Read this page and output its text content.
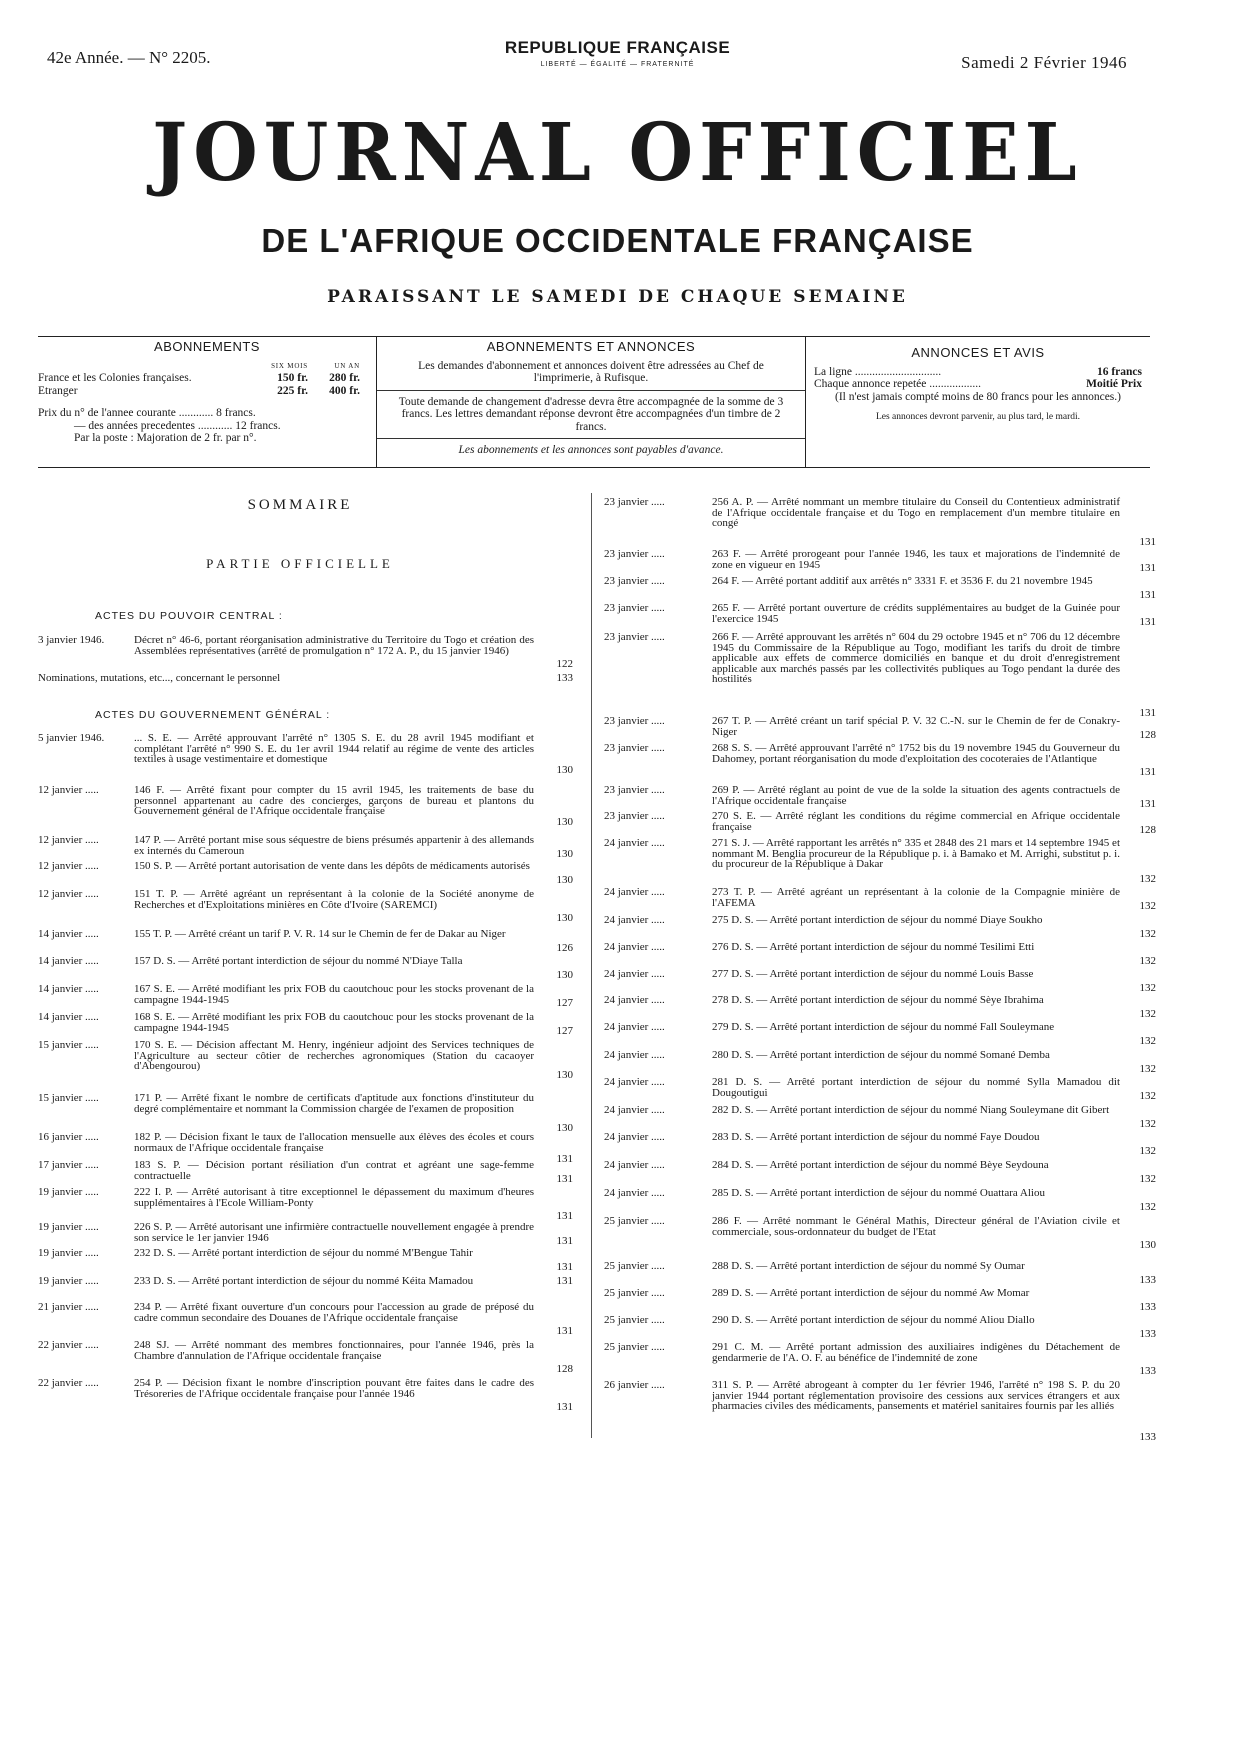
42e Année. — N° 2205.
REPUBLIQUE FRANÇAISE
LIBERTÉ — ÉGALITÉ — FRATERNITÉ	Samedi 2 Février 1946
JOURNAL OFFICIEL
DE L'AFRIQUE OCCIDENTALE FRANÇAISE
PARAISSANT LE SAMEDI DE CHAQUE SEMAINE
ABONNEMENTS
SIX MOIS	UN AN
France et les Colonies françaises.	150 fr.	280 fr.
Etranger	225 fr.	400 fr.
Prix du n° de l'annee courante ............ 8 francs.
— des années precedentes ............ 12 francs.
Par la poste : Majoration de 2 fr. par n°.
ABONNEMENTS ET ANNONCES
Les demandes d'abonnement et annonces doivent être adressées au Chef de l'imprimerie, à Rufisque.
Toute demande de changement d'adresse devra être accompagnée de la somme de 3 francs. Les lettres demandant réponse devront être accompagnées d'un timbre de 2 francs.
Les abonnements et les annonces sont payables d'avance.
ANNONCES ET AVIS
La ligne ..............................	16 francs
Chaque annonce repetée ..................	Moitié Prix
(Il n'est jamais compté moins de 80 francs pour les annonces.)
Les annonces devront parvenir, au plus tard, le mardi.
SOMMAIRE
PARTIE OFFICIELLE
ACTES DU POUVOIR CENTRAL :
ACTES DU GOUVERNEMENT GÉNÉRAL :
3 janvier 1946.	Décret n° 46-6, portant réorganisation administrative du Territoire du Togo et création des Assemblées représentatives (arrêté de promulgation n° 172 A. P., du 15 janvier 1946)
122
Nominations, mutations, etc..., concernant le personnel	133
5 janvier 1946.	... S. E. — Arrêté approuvant l'arrêté n° 1305 S. E. du 28 avril 1945 modifiant et complétant l'arrêté n° 990 S. E. du 1er avril 1944 relatif au régime de vente des articles textiles à usage vestimentaire et domestique
130
12 janvier .....	146 F. — Arrêté fixant pour compter du 15 avril 1945, les traitements de base du personnel appartenant au cadre des concierges, garçons de bureau et plantons du Gouvernement général de l'Afrique occidentale française
130
12 janvier .....	147 P. — Arrêté portant mise sous séquestre de biens présumés appartenir à des allemands ex internés du Cameroun	130
12 janvier .....	150 S. P. — Arrêté portant autorisation de vente dans les dépôts de médicaments autorisés
130
12 janvier .....	151 T. P. — Arrêté agréant un représentant à la colonie de la Société anonyme de Recherches et d'Exploitations minières en Côte d'Ivoire (SAREMCI)
130
14 janvier .....	155 T. P. — Arrêté créant un tarif P. V. R. 14 sur le Chemin de fer de Dakar au Niger
126
14 janvier .....	157 D. S. — Arrêté portant interdiction de séjour du nommé N'Diaye Talla
130
14 janvier .....	167 S. E. — Arrêté modifiant les prix FOB du caoutchouc pour les stocks provenant de la campagne 1944-1945	127
14 janvier .....	168 S. E. — Arrêté modifiant les prix FOB du caoutchouc pour les stocks provenant de la campagne 1944-1945	127
15 janvier .....	170 S. E. — Décision affectant M. Henry, ingénieur adjoint des Services techniques de l'Agriculture au secteur côtier de recherches agronomiques (Station du cacaoyer d'Abengourou)
130
15 janvier .....	171 P. — Arrêté fixant le nombre de certificats d'aptitude aux fonctions d'instituteur du degré complémentaire et nommant la Commission chargée de l'examen de proposition
130
16 janvier .....	182 P. — Décision fixant le taux de l'allocation mensuelle aux élèves des écoles et cours normaux de l'Afrique occidentale française
131
17 janvier .....	183 S. P. — Décision portant résiliation d'un contrat et agréant une sage-femme contractuelle	131
19 janvier .....	222 I. P. — Arrêté autorisant à titre exceptionnel le dépassement du maximum d'heures supplémentaires à l'Ecole William-Ponty
131
19 janvier .....	226 S. P. — Arrêté autorisant une infirmière contractuelle nouvellement engagée à prendre son service le 1er janvier 1946	131
19 janvier .....	232 D. S. — Arrêté portant interdiction de séjour du nommé M'Bengue Tahir
131
19 janvier .....	233 D. S. — Arrêté portant interdiction de séjour du nommé Kéita Mamadou	131
21 janvier .....	234 P. — Arrêté fixant ouverture d'un concours pour l'accession au grade de préposé du cadre commun secondaire des Douanes de l'Afrique occidentale française
131
22 janvier .....	248 SJ. — Arrêté nommant des membres fonctionnaires, pour l'année 1946, près la Chambre d'annulation de l'Afrique occidentale française
128
22 janvier .....	254 P. — Décision fixant le nombre d'inscription pouvant être faites dans le cadre des Trésoreries de l'Afrique occidentale française pour l'année 1946
131
23 janvier .....	256 A. P. — Arrêté nommant un membre titulaire du Conseil du Contentieux administratif de l'Afrique occidentale française et du Togo en remplacement d'un membre titulaire en congé
131
23 janvier .....	263 F. — Arrêté prorogeant pour l'année 1946, les taux et majorations de l'indemnité de zone en vigueur en 1945	131
23 janvier .....	264 F. — Arrêté portant additif aux arrêtés n° 3331 F. et 3536 F. du 21 novembre 1945
131
23 janvier .....	265 F. — Arrêté portant ouverture de crédits supplémentaires au budget de la Guinée pour l'exercice 1945	131
23 janvier .....	266 F. — Arrêté approuvant les arrêtés n° 604 du 29 octobre 1945 et n° 706 du 12 décembre 1945 du Commissaire de la République au Togo, modifiant les tarifs du droit de timbre applicable aux effets de commerce domiciliés en banque et du droit d'enregistrement applicable aux marchés passés par les collectivités publiques au Togo pendant la durée des hostilités
131
23 janvier .....	267 T. P. — Arrêté créant un tarif spécial P. V. 32 C.-N. sur le Chemin de fer de Conakry-Niger	128
23 janvier .....	268 S. S. — Arrêté approuvant l'arrêté n° 1752 bis du 19 novembre 1945 du Gouverneur du Dahomey, portant réorganisation du mode d'exploitation des cocoteraies de l'Atlantique
131
23 janvier .....	269 P. — Arrêté réglant au point de vue de la solde la situation des agents contractuels de l'Afrique occidentale française	131
23 janvier .....	270 S. E. — Arrêté réglant les conditions du régime commercial en Afrique occidentale française	128
24 janvier .....	271 S. J. — Arrêté rapportant les arrêtés n° 335 et 2848 des 21 mars et 14 septembre 1945 et nommant M. Benglia procureur de la République p. i. à Bamako et M. Arrighi, substitut p. i. du procureur de la République à Dakar
132
24 janvier .....	273 T. P. — Arrêté agréant un représentant à la colonie de la Compagnie minière de l'AFEMA	132
24 janvier .....	275 D. S. — Arrêté portant interdiction de séjour du nommé Diaye Soukho
132
24 janvier .....	276 D. S. — Arrêté portant interdiction de séjour du nommé Tesilimi Etti
132
24 janvier .....	277 D. S. — Arrêté portant interdiction de séjour du nommé Louis Basse
132
24 janvier .....	278 D. S. — Arrêté portant interdiction de séjour du nommé Sèye Ibrahima
132
24 janvier .....	279 D. S. — Arrêté portant interdiction de séjour du nommé Fall Souleymane
132
24 janvier .....	280 D. S. — Arrêté portant interdiction de séjour du nommé Somané Demba
132
24 janvier .....	281 D. S. — Arrêté portant interdiction de séjour du nommé Sylla Mamadou dit Dougoutigui	132
24 janvier .....	282 D. S. — Arrêté portant interdiction de séjour du nommé Niang Souleymane dit Gibert
132
24 janvier .....	283 D. S. — Arrêté portant interdiction de séjour du nommé Faye Doudou
132
24 janvier .....	284 D. S. — Arrêté portant interdiction de séjour du nommé Bèye Seydouna
132
24 janvier .....	285 D. S. — Arrêté portant interdiction de séjour du nommé Ouattara Aliou
132
25 janvier .....	286 F. — Arrêté nommant le Général Mathis, Directeur général de l'Aviation civile et commerciale, sous-ordonnateur du budget de l'Etat
130
25 janvier .....	288 D. S. — Arrêté portant interdiction de séjour du nommé Sy Oumar
133
25 janvier .....	289 D. S. — Arrêté portant interdiction de séjour du nommé Aw Momar
133
25 janvier .....	290 D. S. — Arrêté portant interdiction de séjour du nommé Aliou Diallo
133
25 janvier .....	291 C. M. — Arrêté portant admission des auxiliaires indigènes du Détachement de gendarmerie de l'A. O. F. au bénéfice de l'indemnité de zone
133
26 janvier .....	311 S. P. — Arrêté abrogeant à compter du 1er février 1946, l'arrêté n° 198 S. P. du 20 janvier 1944 portant réglementation provisoire des cessions aux services étrangers et aux pharmacies civiles des médicaments, pansements et matériel sanitaires fournis par les alliés
133
